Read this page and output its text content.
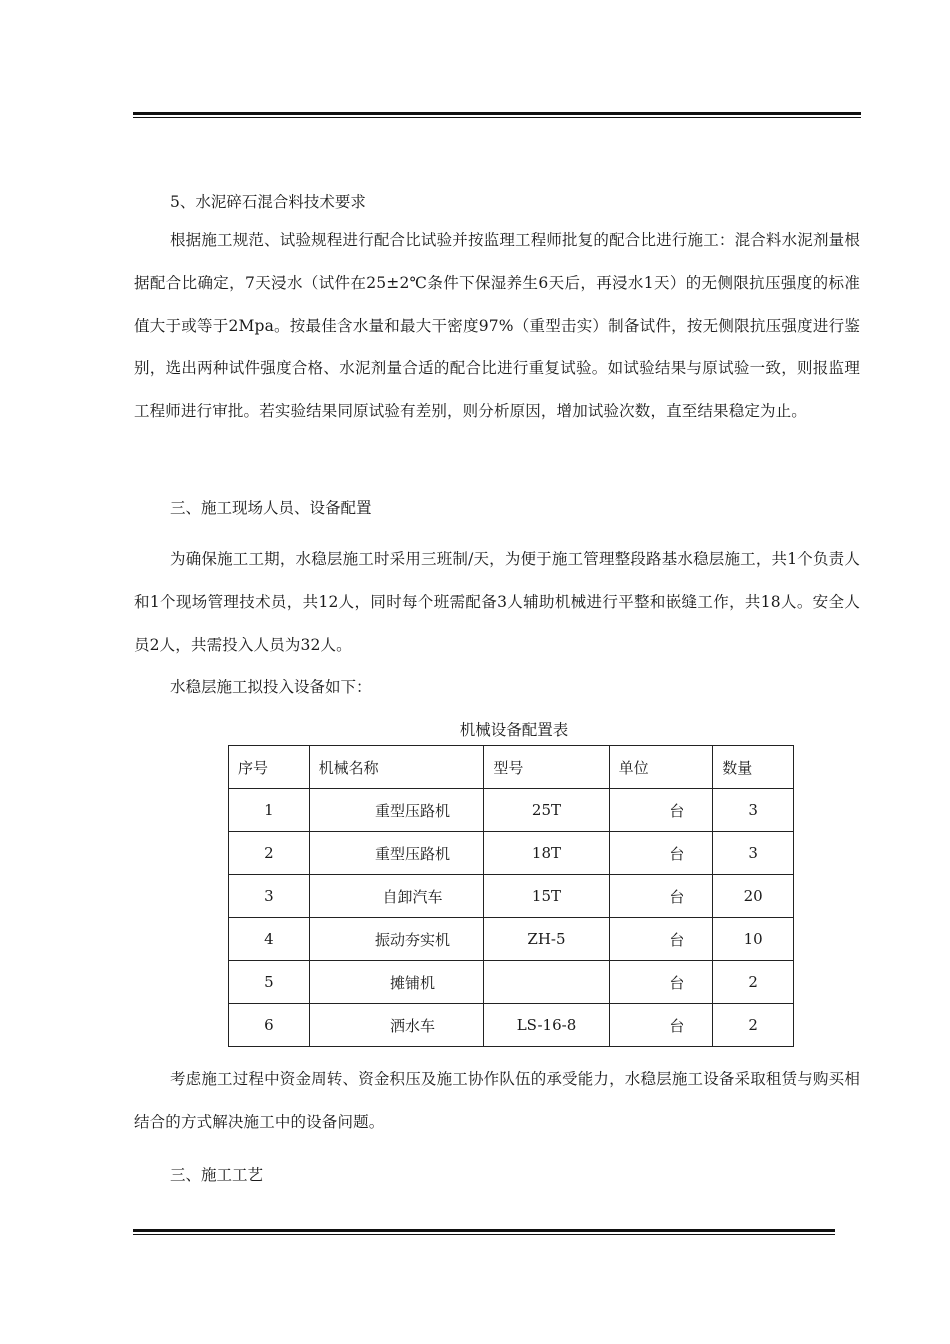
5、水泥碎石混合料技术要求
根据施工规范、试验规程进行配合比试验并按监理工程师批复的配合比进行施工：混合料水泥剂量根据配合比确定，7天浸水（试件在25±2℃条件下保湿养生6天后，再浸水1天）的无侧限抗压强度的标准值大于或等于2Mpa。按最佳含水量和最大干密度97%（重型击实）制备试件，按无侧限抗压强度进行鉴别，选出两种试件强度合格、水泥剂量合适的配合比进行重复试验。如试验结果与原试验一致，则报监理工程师进行审批。若实验结果同原试验有差别，则分析原因，增加试验次数，直至结果稳定为止。
三、施工现场人员、设备配置
为确保施工工期，水稳层施工时采用三班制/天，为便于施工管理整段路基水稳层施工，共1个负责人和1个现场管理技术员，共12人，同时每个班需配备3人辅助机械进行平整和嵌缝工作，共18人。安全人员2人，共需投入人员为32人。
水稳层施工拟投入设备如下：
机械设备配置表
序号	机械名称	型号	单位	数量
1	重型压路机	25T	台	3
2	重型压路机	18T	台	3
3	自卸汽车	15T	台	20
4	振动夯实机	ZH-5	台	10
5	摊铺机		台	2
6	洒水车	LS-16-8	台	2
考虑施工过程中资金周转、资金积压及施工协作队伍的承受能力，水稳层施工设备采取租赁与购买相结合的方式解决施工中的设备问题。
三、施工工艺
